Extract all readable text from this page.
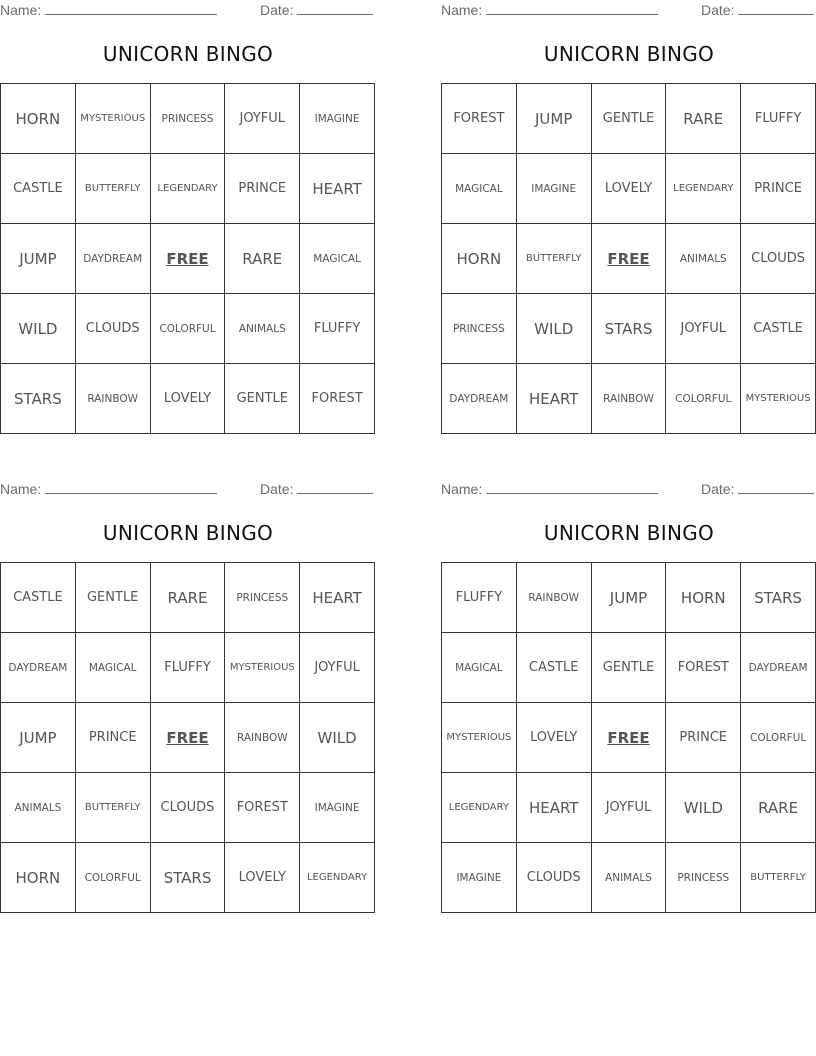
Name:	Date:
UNICORN BINGO
HORN	MYSTERIOUS	PRINCESS	JOYFUL	IMAGINE
CASTLE	BUTTERFLY	LEGENDARY	PRINCE	HEART
JUMP	DAYDREAM	FREE	RARE	MAGICAL
WILD	CLOUDS	COLORFUL	ANIMALS	FLUFFY
STARS	RAINBOW	LOVELY	GENTLE	FOREST
Name:	Date:
UNICORN BINGO
FOREST	JUMP	GENTLE	RARE	FLUFFY
MAGICAL	IMAGINE	LOVELY	LEGENDARY	PRINCE
HORN	BUTTERFLY	FREE	ANIMALS	CLOUDS
PRINCESS	WILD	STARS	JOYFUL	CASTLE
DAYDREAM	HEART	RAINBOW	COLORFUL	MYSTERIOUS
Name:	Date:
UNICORN BINGO
CASTLE	GENTLE	RARE	PRINCESS	HEART
DAYDREAM	MAGICAL	FLUFFY	MYSTERIOUS	JOYFUL
JUMP	PRINCE	FREE	RAINBOW	WILD
ANIMALS	BUTTERFLY	CLOUDS	FOREST	IMAGINE
HORN	COLORFUL	STARS	LOVELY	LEGENDARY
Name:	Date:
UNICORN BINGO
FLUFFY	RAINBOW	JUMP	HORN	STARS
MAGICAL	CASTLE	GENTLE	FOREST	DAYDREAM
MYSTERIOUS	LOVELY	FREE	PRINCE	COLORFUL
LEGENDARY	HEART	JOYFUL	WILD	RARE
IMAGINE	CLOUDS	ANIMALS	PRINCESS	BUTTERFLY
